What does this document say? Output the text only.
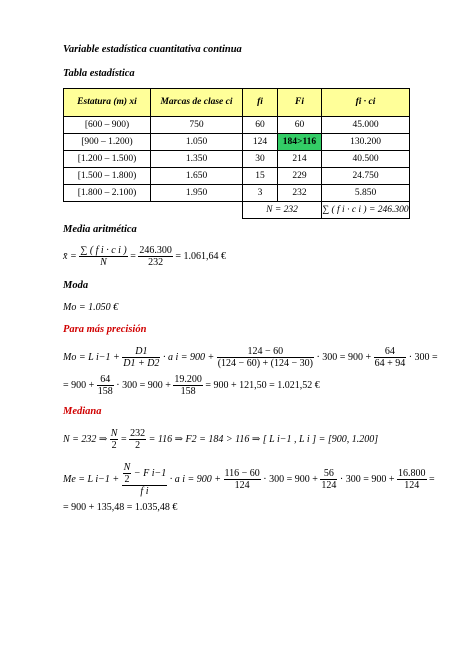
Variable estadística cuantitativa continua
Tabla estadística
Estatura (m) xi	Marcas de clase ci	fi	Fi	fi · ci
[600 – 900)	750	60	60	45.000
[900 – 1.200)	1.050	124	184>116	130.200
[1.200 – 1.500)	1.350	30	214	40.500
[1.500 – 1.800)	1.650	15	229	24.750
[1.800 – 2.100)	1.950	3	232	5.850
		N = 232		∑ ( f i · c i ) = 246.300
Media aritmética
x̄ = $\frac{\text{∑ ( f i · c i )}}{N} = \frac{246.300}{232} = 1.061,64$ €
Moda
Mo = 1.050 €
Para más precisión
Mo = L $i-1 + \frac{D1}{D1 + D2} \cdot a$ $i = 900 + \frac{124 - 60}{(124 - 60) + (124 - 30)} \cdot 300 = 900 + \frac{64}{64 + 94} \cdot 300$ =
= $900 + \frac{64}{158} \cdot 300 = 900 + \frac{19.200}{158} = 900 + 121,50 = 1.021,52$ €
Mediana
N = 232 ⇒ $\frac{N}{2} = \frac{232}{2} = 116$ ⇒ F2 = 184 > 116 ⇒ [ L i−1 , L i ] = [900, 1.200]
Me = L $i-1 + \frac{\frac{N}{2} - F i-1}{\text{f i}} \cdot a$ $i = 900 + \frac{116 - 60}{124} \cdot 300 = 900 + \frac{56}{124} \cdot 300 = 900 + \frac{16.800}{124}$ =
= 900 + 135,48 = 1.035,48 €
